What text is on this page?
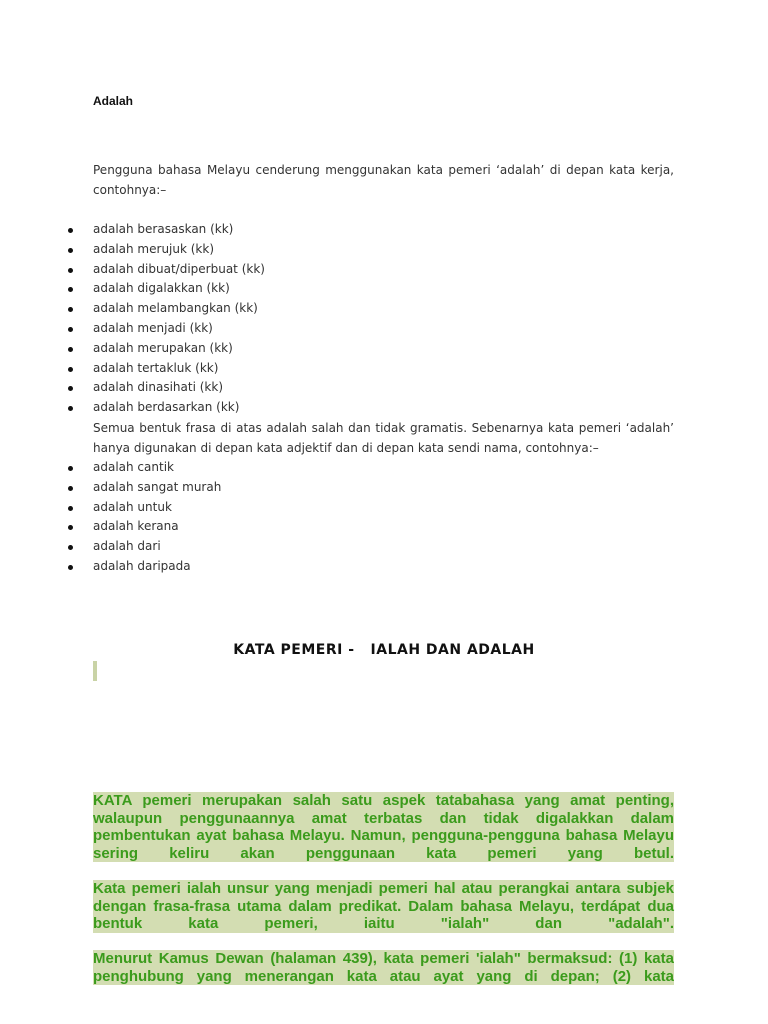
Adalah
Pengguna bahasa Melayu cenderung menggunakan kata pemeri ‘adalah’ di depan kata kerja, contohnya:–
adalah berasaskan (kk)
adalah merujuk (kk)
adalah dibuat/diperbuat (kk)
adalah digalakkan (kk)
adalah melambangkan (kk)
adalah menjadi (kk)
adalah merupakan (kk)
adalah tertakluk (kk)
adalah dinasihati (kk)
adalah berdasarkan (kk)
Semua bentuk frasa di atas adalah salah dan tidak gramatis. Sebenarnya kata pemeri ‘adalah’ hanya digunakan di depan kata adjektif dan di depan kata sendi nama, contohnya:–
adalah cantik
adalah sangat murah
adalah untuk
adalah kerana
adalah dari
adalah daripada
KATA PEMERI - IALAH DAN ADALAH
KATA pemeri merupakan salah satu aspek tatabahasa yang amat penting, walaupun penggunaannya amat terbatas dan tidak digalakkan dalam pembentukan ayat bahasa Melayu. Namun, pengguna-pengguna bahasa Melayu sering keliru akan penggunaan kata pemeri yang betul.
Kata pemeri ialah unsur yang menjadi pemeri hal atau perangkai antara subjek dengan frasa-frasa utama dalam predikat. Dalam bahasa Melayu, terdápat dua bentuk kata pemeri, iaitu "ialah" dan "adalah".
Menurut Kamus Dewan (halaman 439), kata pemeri 'ialah" bermaksud: (1) kata penghubung yang menerangan kata atau ayat yang di depan; (2) kata
